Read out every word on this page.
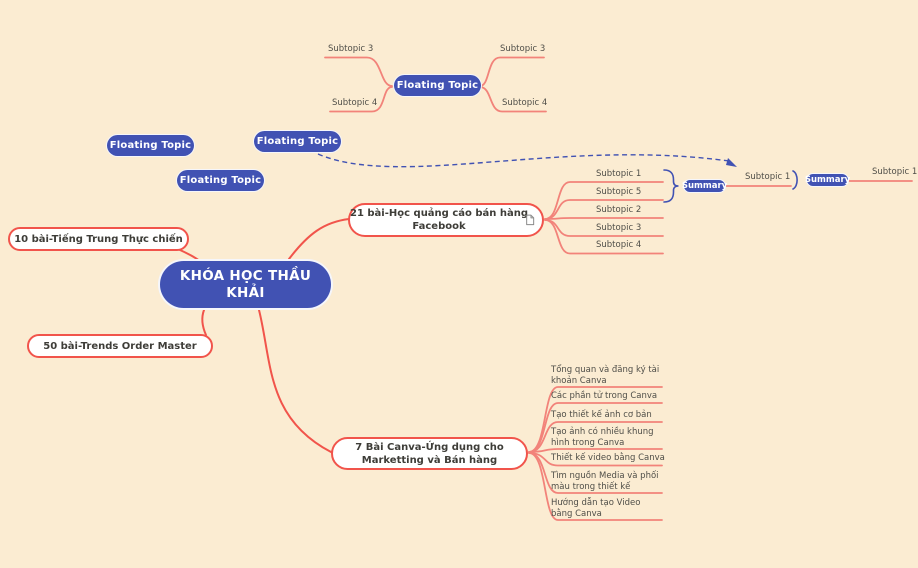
KHÓA HỌC THẦU
KHẢI
Floating Topic
Floating Topic
Floating Topic
Floating Topic
Subtopic 3
Subtopic 4
Subtopic 3
Subtopic 4
10 bài-Tiếng Trung Thực chiến
50 bài-Trends Order Master
21 bài-Học quảng cáo bán hàng
Facebook
Subtopic 1
Subtopic 5
Subtopic 2
Subtopic 3
Subtopic 4
Summary
Subtopic 1 Summary
Subtopic 1
7 Bài Canva-Ứng dụng cho
Marketting và Bán hàng
Tổng quan và đăng ký tài
khoản Canva
Các phần tử trong Canva
Tạo thiết kế ảnh cơ bản
Tạo ảnh có nhiều khung
hình trong Canva
Thiết kế video bằng Canva
Tìm nguồn Media và phối
màu trong thiết kế
Hướng dẫn tạo Video
bằng Canva
